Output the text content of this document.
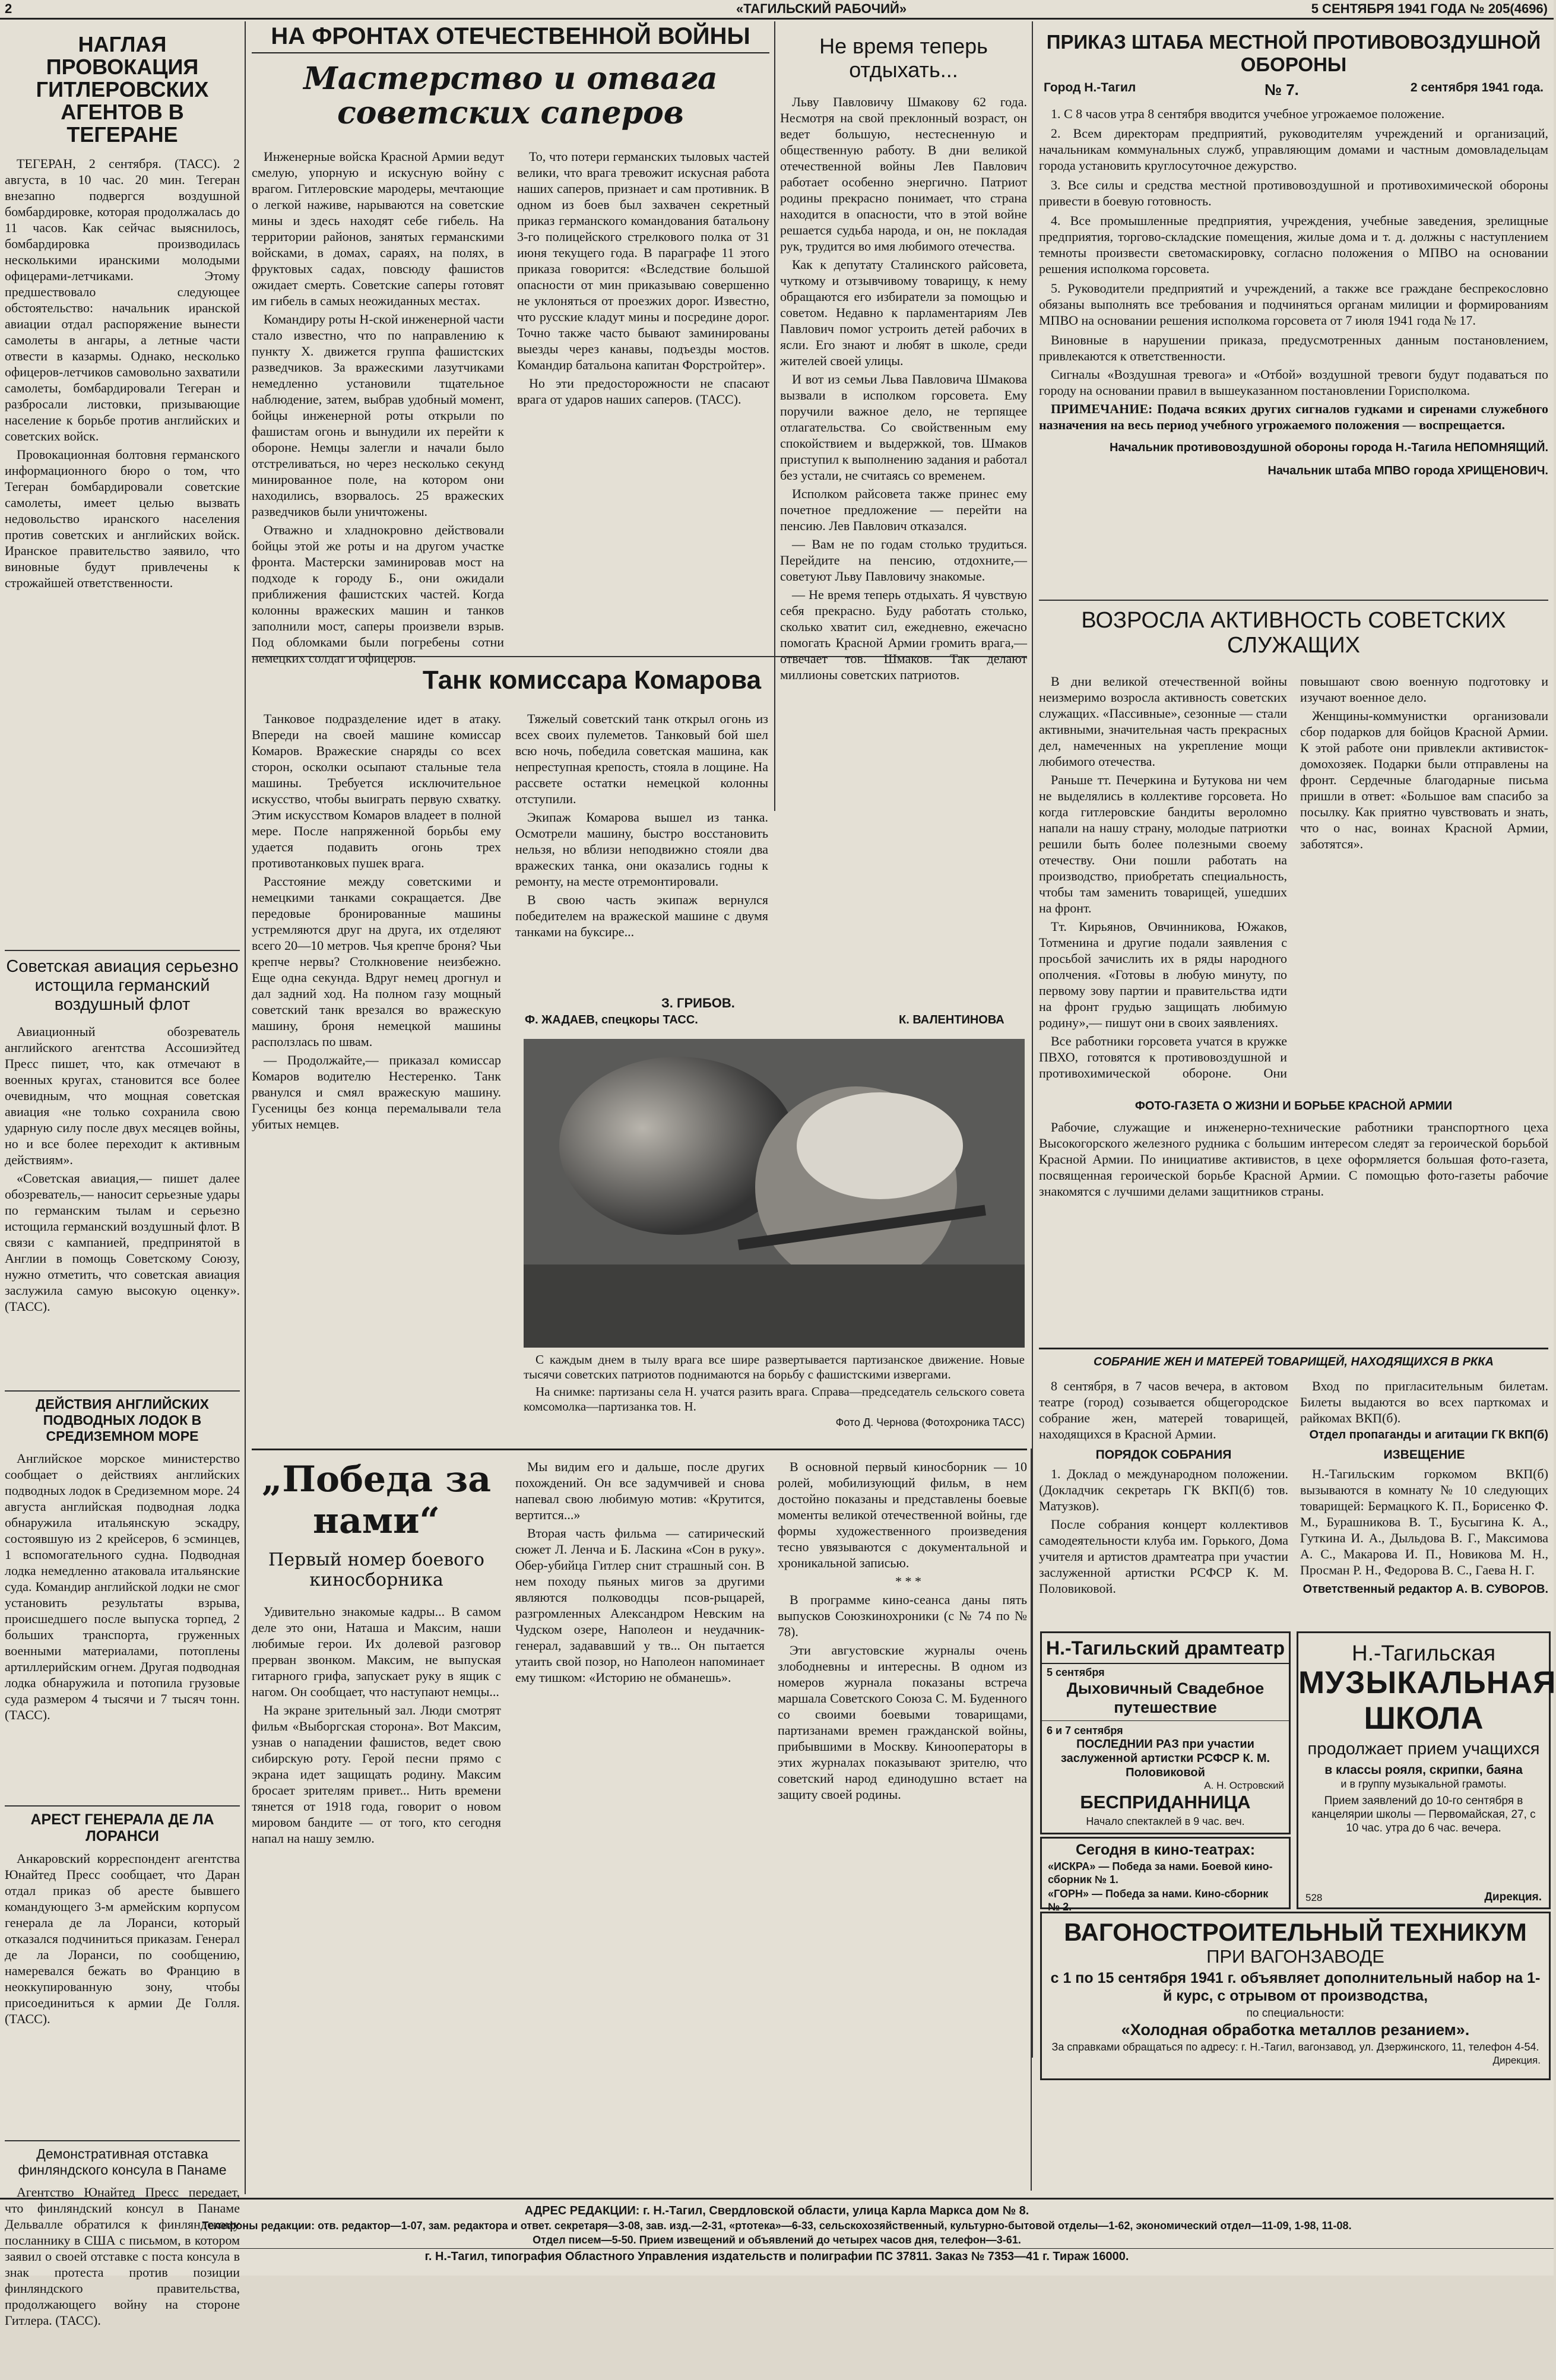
2	«ТАГИЛЬСКИЙ РАБОЧИЙ»	5 СЕНТЯБРЯ 1941 ГОДА № 205(4696)
НАГЛАЯ ПРОВОКАЦИЯ ГИТЛЕРОВСКИХ АГЕНТОВ В ТЕГЕРАНЕ

ТЕГЕРАН, 2 сентября. (ТАСС). 2 августа, в 10 час. 20 мин. Тегеран внезапно подвергся воздушной бомбардировке, которая продолжалась до 11 часов. Как сейчас выяснилось, бомбардировка производилась несколькими иранскими молодыми офицерами-летчиками. Этому предшествовало следующее обстоятельство: начальник иранской авиации отдал распоряжение вынести самолеты в ангары, а летные части отвести в казармы. Однако, несколько офицеров-летчиков самовольно захватили самолеты, бомбардировали Тегеран и разбросали листовки, призывающие население к борьбе против английских и советских войск.

Провокационная болтовня германского информационного бюро о том, что Тегеран бомбардировали советские самолеты, имеет целью вызвать недовольство иранского населения против советских и английских войск. Иранское правительство заявило, что виновные будут привлечены к строжайшей ответственности.

Советская авиация серьезно истощила германский воздушный флот

Авиационный обозреватель английского агентства Ассошиэйтед Пресс пишет, что, как отмечают в военных кругах, становится все более очевидным, что мощная советская авиация «не только сохранила свою ударную силу после двух месяцев войны, но и все более переходит к активным действиям».

«Советская авиация,— пишет далее обозреватель,— наносит серьезные удары по германским тылам и серьезно истощила германский воздушный флот. В связи с кампанией, предпринятой в Англии в помощь Советскому Союзу, нужно отметить, что советская авиация заслужила самую высокую оценку». (ТАСС).

ДЕЙСТВИЯ АНГЛИЙСКИХ ПОДВОДНЫХ ЛОДОК В СРЕДИЗЕМНОМ МОРЕ

Английское морское министерство сообщает о действиях английских подводных лодок в Средиземном море. 24 августа английская подводная лодка обнаружила итальянскую эскадру, состоявшую из 2 крейсеров, 6 эсминцев, 1 вспомогательного судна. Подводная лодка немедленно атаковала итальянские суда. Командир английской лодки не смог установить результаты взрыва, происшедшего после выпуска торпед, 2 больших транспорта, груженных военными материалами, потоплены артиллерийским огнем. Другая подводная лодка обнаружила и потопила грузовые суда размером 4 тысячи и 7 тысяч тонн. (ТАСС).

АРЕСТ ГЕНЕРАЛА ДЕ ЛА ЛОРАНСИ

Анкаровский корреспондент агентства Юнайтед Пресс сообщает, что Даран отдал приказ об аресте бывшего командующего 3-м армейским корпусом генерала де ла Лоранси, который отказался подчиниться приказам. Генерал де ла Лоранси, по сообщению, намеревался бежать во Францию в неоккупированную зону, чтобы присоединиться к армии Де Голля. (ТАСС).

Демонстративная отставка финляндского консула в Панаме

Агентство Юнайтед Пресс передает, что финляндский консул в Панаме Дельвалле обратился к финляндскому посланнику в США с письмом, в котором заявил о своей отставке с поста консула в знак протеста против позиции финляндского правительства, продолжающего войну на стороне Гитлера. (ТАСС).

НА ФРОНТАХ ОТЕЧЕСТВЕННОЙ ВОЙНЫ
Мастерство и отвага советских саперов

Инженерные войска Красной Армии ведут смелую, упорную и искусную войну с врагом. Гитлеровские мародеры, мечтающие о легкой наживе, нарываются на советские мины и здесь находят себе гибель. На территории районов, занятых германскими войсками, в домах, сараях, на полях, в фруктовых садах, повсюду фашистов ожидает смерть. Советские саперы готовят им гибель в самых неожиданных местах.

Командиру роты Н-ской инженерной части стало известно, что по направлению к пункту Х. движется группа фашистских разведчиков. За вражескими лазутчиками немедленно установили тщательное наблюдение, затем, выбрав удобный момент, бойцы инженерной роты открыли по фашистам огонь и вынудили их перейти к обороне. Немцы залегли и начали было отстреливаться, но через несколько секунд минированное поле, на котором они находились, взорвалось. 25 вражеских разведчиков были уничтожены.

Отважно и хладнокровно действовали бойцы этой же роты и на другом участке фронта. Мастерски заминировав мост на подходе к городу Б., они ожидали приближения фашистских частей. Когда колонны вражеских машин и танков заполнили мост, саперы произвели взрыв. Под обломками были погребены сотни немецких солдат и офицеров.

То, что потери германских тыловых частей велики, что врага тревожит искусная работа наших саперов, признает и сам противник. В одном из боев был захвачен секретный приказ германского командования батальону 3-го полицейского стрелкового полка от 31 июня текущего года. В параграфе 11 этого приказа говорится: «Вследствие большой опасности от мин приказываю совершенно не уклоняться от проезжих дорог. Известно, что русские кладут мины и посредине дорог. Точно также часто бывают заминированы выезды через канавы, подъезды мостов. Командир батальона капитан Форстройтер».

Но эти предосторожности не спасают врага от ударов наших саперов. (ТАСС).

Не время теперь отдыхать...

Льву Павловичу Шмакову 62 года. Несмотря на свой преклонный возраст, он ведет большую, нестесненную и общественную работу. В дни великой отечественной войны Лев Павлович работает особенно энергично. Патриот родины прекрасно понимает, что страна находится в опасности, что в этой войне решается судьба народа, и он, не покладая рук, трудится во имя любимого отечества.

Как к депутату Сталинского райсовета, чуткому и отзывчивому товарищу, к нему обращаются его избиратели за помощью и советом. Недавно к парламентариям Лев Павлович помог устроить детей рабочих в ясли. Его знают и любят в школе, среди жителей своей улицы.

И вот из семьи Льва Павловича Шмакова вызвали в исполком горсовета. Ему поручили важное дело, не терпящее отлагательства. Со свойственным ему спокойствием и выдержкой, тов. Шмаков приступил к выполнению задания и работал без устали, не считаясь со временем.

Исполком райсовета также принес ему почетное предложение — перейти на пенсию. Лев Павлович отказался.

— Вам не по годам столько трудиться. Перейдите на пенсию, отдохните,— советуют Льву Павловичу знакомые.

— Не время теперь отдыхать. Я чувствую себя прекрасно. Буду работать столько, сколько хватит сил, ежедневно, ежечасно помогать Красной Армии громить врага,— отвечает тов. Шмаков. Так делают миллионы советских патриотов.

ПРИКАЗ ШТАБА МЕСТНОЙ ПРОТИВОВОЗДУШНОЙ ОБОРОНЫ
Город Н.-Тагил	№ 7.	2 сентября 1941 года.
1. С 8 часов утра 8 сентября вводится учебное угрожаемое положение.
2. Всем директорам предприятий, руководителям учреждений и организаций, начальникам коммунальных служб, управляющим домами и частным домовладельцам города установить круглосуточное дежурство.
3. Все силы и средства местной противовоздушной и противохимической обороны привести в боевую готовность.
4. Все промышленные предприятия, учреждения, учебные заведения, зрелищные предприятия, торгово-складские помещения, жилые дома и т. д. должны с наступлением темноты произвести светомаскировку, согласно положения о МПВО на основании решения исполкома горсовета.
5. Руководители предприятий и учреждений, а также все граждане беспрекословно обязаны выполнять все требования и подчиняться органам милиции и формированиям МПВО на основании решения исполкома горсовета от 7 июля 1941 года № 17.

Виновные в нарушении приказа, предусмотренных данным постановлением, привлекаются к ответственности.

Сигналы «Воздушная тревога» и «Отбой» воздушной тревоги будут подаваться по городу на основании правил в вышеуказанном постановлении Горисполкома.

ПРИМЕЧАНИЕ: Подача всяких других сигналов гудками и сиренами служебного назначения на весь период учебного угрожаемого положения — воспрещается.

Начальник противовоздушной обороны города Н.-Тагила НЕПОМНЯЩИЙ.
Начальник штаба МПВО города ХРИЩЕНОВИЧ.
ВОЗРОСЛА АКТИВНОСТЬ СОВЕТСКИХ СЛУЖАЩИХ

В дни великой отечественной войны неизмеримо возросла активность советских служащих. «Пассивные», сезонные — стали активными, значительная часть прекрасных дел, намеченных на укрепление мощи любимого отечества.

Раньше тт. Печеркина и Бутукова ни чем не выделялись в коллективе горсовета. Но когда гитлеровские бандиты вероломно напали на нашу страну, молодые патриотки решили быть более полезными своему отечеству. Они пошли работать на производство, приобретать специальность, чтобы там заменить товарищей, ушедших на фронт.

Тт. Кирьянов, Овчинникова, Южаков, Тотменина и другие подали заявления с просьбой зачислить их в ряды народного ополчения. «Готовы в любую минуту, по первому зову партии и правительства идти на фронт грудью защищать любимую родину»,— пишут они в своих заявлениях.

Все работники горсовета учатся в кружке ПВХО, готовятся к противовоздушной и противохимической обороне. Они повышают свою военную подготовку и изучают военное дело.

Женщины-коммунистки организовали сбор подарков для бойцов Красной Армии. К этой работе они привлекли активисток-домохозяек. Подарки были отправлены на фронт. Сердечные благодарные письма пришли в ответ: «Большое вам спасибо за посылку. Как приятно чувствовать и знать, что о нас, воинах Красной Армии, заботятся».

ФОТО-ГАЗЕТА О ЖИЗНИ И БОРЬБЕ КРАСНОЙ АРМИИ

Рабочие, служащие и инженерно-технические работники транспортного цеха Высокогорского железного рудника с большим интересом следят за героической борьбой Красной Армии. По инициативе активистов, в цехе оформляется большая фото-газета, посвященная героической борьбе Красной Армии. С помощью фото-газеты рабочие знакомятся с лучшими делами защитников страны.

Танк комиссара Комарова

Танковое подразделение идет в атаку. Впереди на своей машине комиссар Комаров. Вражеские снаряды со всех сторон, осколки осыпают стальные тела машины. Требуется исключительное искусство, чтобы выиграть первую схватку. Этим искусством Комаров владеет в полной мере. После напряженной борьбы ему удается подавить огонь трех противотанковых пушек врага.

Расстояние между советскими и немецкими танками сокращается. Две передовые бронированные машины устремляются друг на друга, их отделяют всего 20—10 метров. Чья крепче броня? Чьи крепче нервы? Столкновение неизбежно. Еще одна секунда. Вдруг немец дрогнул и дал задний ход. На полном газу мощный советский танк врезался во вражескую машину, броня немецкой машины расползлась по швам.

— Продолжайте,— приказал комиссар Комаров водителю Нестеренко. Танк рванулся и смял вражескую машину. Гусеницы без конца перемалывали тела убитых немцев.

Тяжелый советский танк открыл огонь из всех своих пулеметов. Танковый бой шел всю ночь, победила советская машина, как непреступная крепость, стояла в лощине. На рассвете остатки немецкой колонны отступили.

Экипаж Комарова вышел из танка. Осмотрели машину, быстро восстановить нельзя, но вблизи неподвижно стояли два вражеских танка, они оказались годны к ремонту, на месте отремонтировали.

В свою часть экипаж вернулся победителем на вражеской машине с двумя танками на буксире...

З. ГРИБОВ.
Ф. ЖАДАЕВ, спецкоры ТАСС.	К. ВАЛЕНТИНОВА

С каждым днем в тылу врага все шире развертывается партизанское движение. Новые тысячи советских патриотов поднимаются на борьбу с фашистскими извергами.

На снимке: партизаны села Н. учатся разить врага. Справа—председатель сельского совета комсомолка—партизанка тов. Н.

Фото Д. Чернова (Фотохроника ТАСС)
„Победа за нами“
Первый номер боевого киносборника

Удивительно знакомые кадры... В самом деле это они, Наташа и Максим, наши любимые герои. Их долевой разговор прерван звонком. Максим, не выпуская гитарного грифа, запускает руку в ящик с нагом. Он сообщает, что наступают немцы...

На экране зрительный зал. Люди смотрят фильм «Выборгская сторона». Вот Максим, узнав о нападении фашистов, ведет свою сибирскую роту. Герой песни прямо с экрана идет защищать родину. Максим бросает зрителям привет... Нить времени тянется от 1918 года, говорит о новом мировом бандите — от того, кто сегодня напал на нашу землю.

Мы видим его и дальше, после других похождений. Он все задумчивей и снова напевал свою любимую мотив: «Крутится, вертится...»

Вторая часть фильма — сатирический сюжет Л. Ленча и Б. Ласкина «Сон в руку». Обер-убийца Гитлер снит страшный сон. В нем походу пьяных мигов за другими являются полководцы псов-рыцарей, разгромленных Александром Невским на Чудском озере, Наполеон и неудачник-генерал, задававший у тв... Он пытается утаить свой позор, но Наполеон напоминает ему тишком: «Историю не обманешь».

В основной первый киносборник — 10 ролей, мобилизующий фильм, в нем достойно показаны и представлены боевые моменты великой отечественной войны, где формы художественного произведения тесно увязываются с документальной и хроникальной записью.

* * *

В программе кино-сеанса даны пять выпусков Союзкинохроники (с № 74 по № 78).

Эти августовские журналы очень злободневны и интересны. В одном из номеров журнала показаны встреча маршала Советского Союза С. М. Буденного со своими боевыми товарищами, партизанами времен гражданской войны, прибывшими в Москву. Кинооператоры в этих журналах показывают зрителю, что советский народ единодушно встает на защиту своей родины.

СОБРАНИЕ ЖЕН И МАТЕРЕЙ ТОВАРИЩЕЙ, НАХОДЯЩИХСЯ В РККА

8 сентября, в 7 часов вечера, в актовом театре (город) созывается общегородское собрание жен, матерей товарищей, находящихся в Красной Армии.

ПОРЯДОК СОБРАНИЯ

1. Доклад о международном положении. (Докладчик секретарь ГК ВКП(б) тов. Матузков).

После собрания концерт коллективов самодеятельности клуба им. Горького, Дома учителя и артистов драмтеатра при участии заслуженной артистки РСФСР К. М. Половиковой.

Вход по пригласительным билетам. Билеты выдаются во всех парткомах и райкомах ВКП(б).

Отдел пропаганды и агитации ГК ВКП(б)
ИЗВЕЩЕНИЕ

Н.-Тагильским горкомом ВКП(б) вызываются в комнату № 10 следующих товарищей: Бермацкого К. П., Борисенко Ф. М., Бурашникова В. Т., Бусыгина К. А., Гуткина И. А., Дыльдова В. Г., Максимова А. С., Макарова И. П., Новикова М. Н., Просман Р. Н., Федорова В. С., Гаева Н. Г.

Ответственный редактор А. В. СУВОРОВ.
Н.-Тагильский драмтеатр
5 сентября
Дыховичный Свадебное путешествие
6 и 7 сентября
ПОСЛЕДНИИ РАЗ при участии заслуженной артистки РСФСР К. М. Половиковой
А. Н. Островский
БЕСПРИДАННИЦА
Начало спектаклей в 9 час. веч.
Сегодня в кино-театрах:
«ИСКРА» — Победа за нами. Боевой кино-сборник № 1.
«ГОРН» — Победа за нами. Кино-сборник № 2.
Н.-Тагильская
МУЗЫКАЛЬНАЯ
ШКОЛА
продолжает прием учащихся
в классы рояля, скрипки, баяна
и в группу музыкальной грамоты.
Прием заявлений до 10-го сентября в канцелярии школы — Первомайская, 27, с 10 час. утра до 6 час. вечера.
528	Дирекция.
ВАГОНОСТРОИТЕЛЬНЫЙ ТЕХНИКУМ
ПРИ ВАГОНЗАВОДЕ
с 1 по 15 сентября 1941 г. объявляет дополнительный набор на 1-й курс, с отрывом от производства,
по специальности:
«Холодная обработка металлов резанием».
За справками обращаться по адресу: г. Н.-Тагил, вагонзавод, ул. Дзержинского, 11, телефон 4-54.
Дирекция.
АДРЕС РЕДАКЦИИ: г. Н.-Тагил, Свердловской области, улица Карла Маркса дом № 8.
Телефоны редакции: отв. редактор—1-07, зам. редактора и ответ. секретаря—3-08, зав. изд.—2-31, «ртотека»—6-33, сельскохозяйственный, культурно-бытовой отделы—1-62, экономический отдел—11-09, 1-98, 11-08.
Отдел писем—5-50. Прием извещений и объявлений до четырех часов дня, телефон—3-61.
г. Н.-Тагил, типография Областного Управления издательств и полиграфии ПС 37811. Заказ № 7353—41 г. Тираж 16000.
